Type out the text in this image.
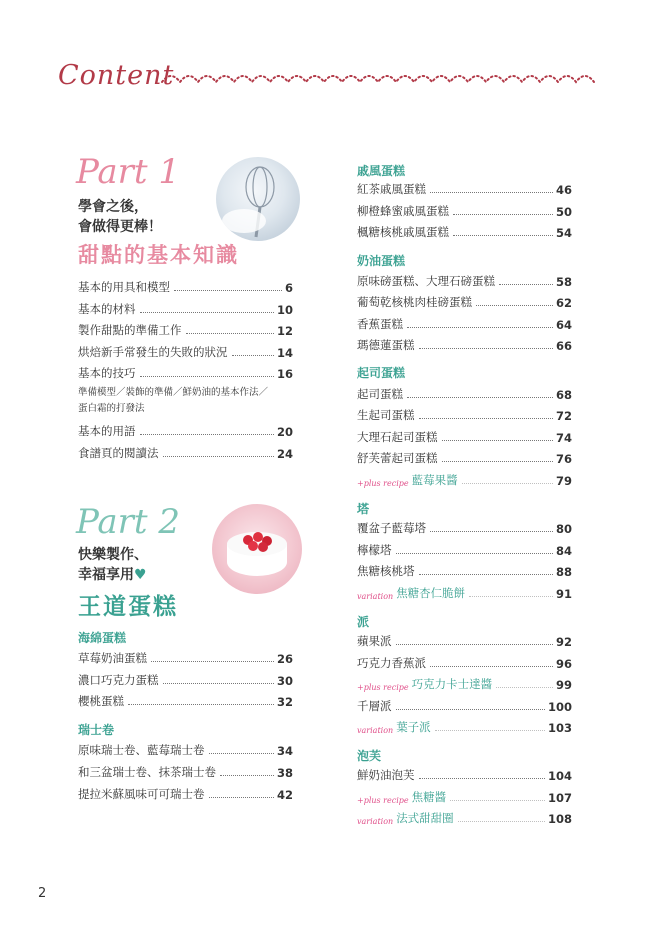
Content
Part 1
學會之後，
會做得更棒！
甜點的基本知識
基本的用具和模型	6
基本的材料	10
製作甜點的準備工作	12
烘焙新手常發生的失敗的狀況	14
基本的技巧	16
準備模型／裝飾的準備／鮮奶油的基本作法／
蛋白霜的打發法
基本的用語	20
食譜頁的閱讀法	24
Part 2
快樂製作、
幸福享用♥
王道蛋糕
海綿蛋糕
草莓奶油蛋糕	26
濃口巧克力蛋糕	30
櫻桃蛋糕	32
瑞士卷
原味瑞士卷、藍莓瑞士卷	34
和三盆瑞士卷、抹茶瑞士卷	38
提拉米蘇風味可可瑞士卷	42
戚風蛋糕
紅茶戚風蛋糕	46
柳橙蜂蜜戚風蛋糕	50
楓糖核桃戚風蛋糕	54
奶油蛋糕
原味磅蛋糕、大理石磅蛋糕	58
葡萄乾核桃肉桂磅蛋糕	62
香蕉蛋糕	64
瑪德蓮蛋糕	66
起司蛋糕
起司蛋糕	68
生起司蛋糕	72
大理石起司蛋糕	74
舒芙蕾起司蛋糕	76
+plus recipe 藍莓果醬	79
塔
覆盆子藍莓塔	80
檸檬塔	84
焦糖核桃塔	88
variation 焦糖杏仁脆餅	91
派
蘋果派	92
巧克力香蕉派	96
+plus recipe 巧克力卡士達醬	99
千層派	100
variation 葉子派	103
泡芙
鮮奶油泡芙	104
+plus recipe 焦糖醬	107
variation 法式甜甜圈	108
2
